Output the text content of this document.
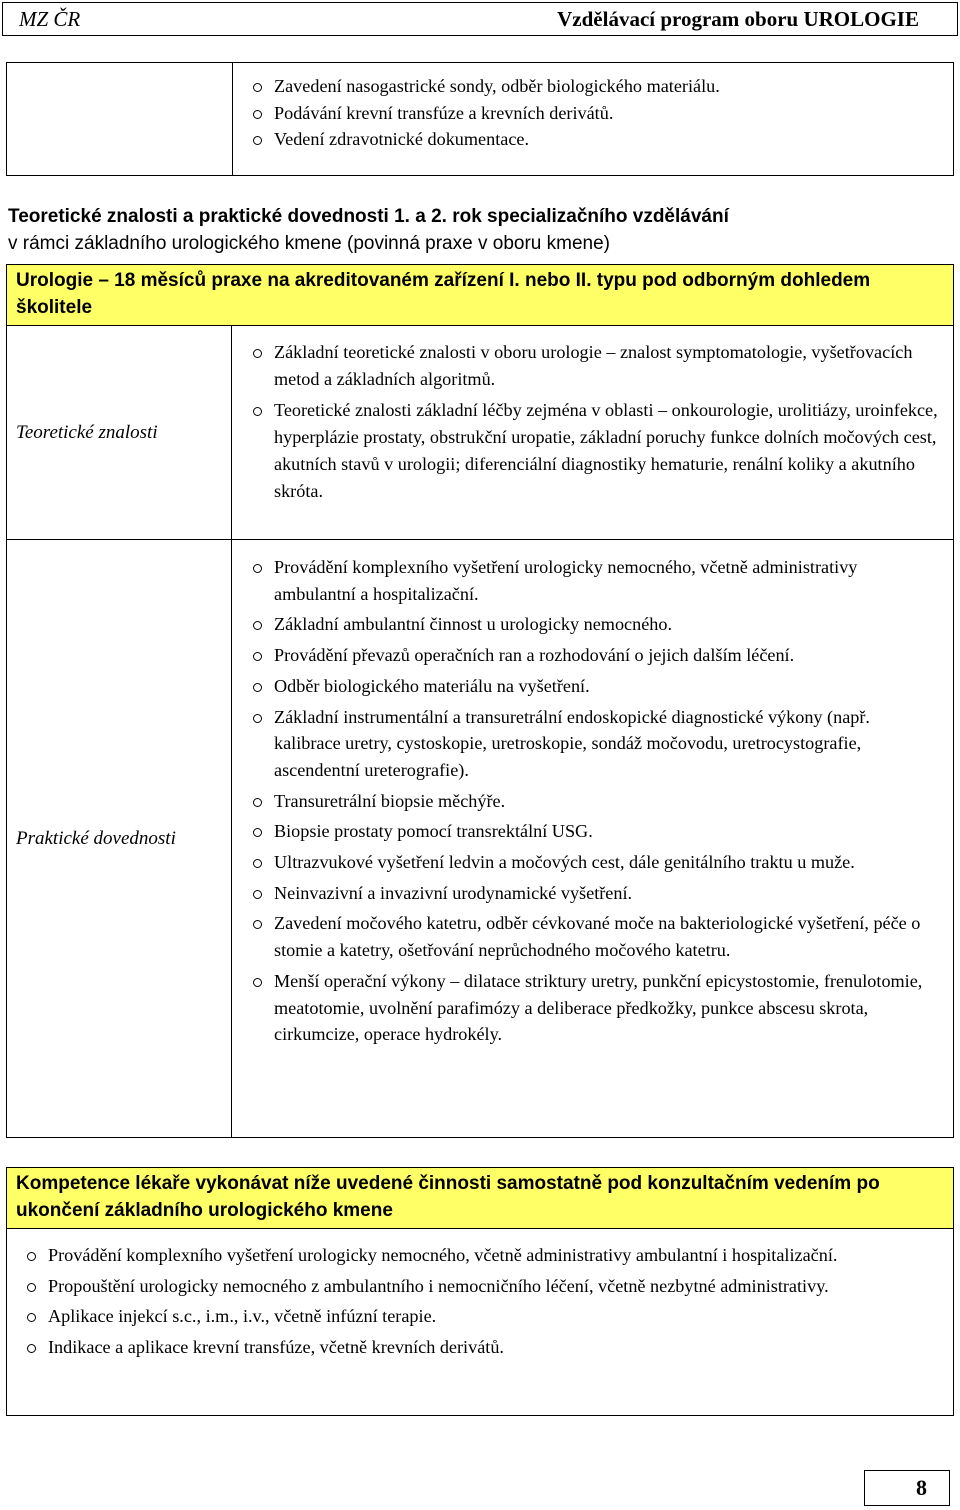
MZ ČR	Vzdělávací program oboru UROLOGIE
Zavedení nasogastrické sondy, odběr biologického materiálu.
Podávání krevní transfúze a krevních derivátů.
Vedení zdravotnické dokumentace.
Teoretické znalosti a praktické dovednosti 1. a 2. rok specializačního vzdělávání
v rámci základního urologického kmene (povinná praxe v oboru kmene)
Urologie – 18 měsíců praxe na akreditovaném zařízení I. nebo II. typu pod odborným dohledem školitele
Teoretické znalosti
Základní teoretické znalosti v oboru urologie – znalost symptomatologie, vyšetřovacích metod a základních algoritmů.
Teoretické znalosti základní léčby zejména v oblasti – onkourologie, urolitiázy, uroinfekce, hyperplázie prostaty, obstrukční uropatie, základní poruchy funkce dolních močových cest, akutních stavů v urologii; diferenciální diagnostiky hematurie, renální koliky a akutního skróta.
Praktické dovednosti
Provádění komplexního vyšetření urologicky nemocného, včetně administrativy ambulantní a hospitalizační.
Základní ambulantní činnost u urologicky nemocného.
Provádění převazů operačních ran a rozhodování o jejich dalším léčení.
Odběr biologického materiálu na vyšetření.
Základní instrumentální a transuretrální endoskopické diagnostické výkony (např. kalibrace uretry, cystoskopie, uretroskopie, sondáž močovodu, uretrocystografie, ascendentní ureterografie).
Transuretrální biopsie měchýře.
Biopsie prostaty pomocí transrektální USG.
Ultrazvukové vyšetření ledvin a močových cest, dále genitálního traktu u muže.
Neinvazivní a invazivní urodynamické vyšetření.
Zavedení močového katetru, odběr cévkované moče na bakteriologické vyšetření, péče o stomie a katetry, ošetřování neprůchodného močového katetru.
Menší operační výkony – dilatace striktury uretry, punkční epicystostomie, frenulotomie, meatotomie, uvolnění parafimózy a deliberace předkožky, punkce abscesu skrota, cirkumcize, operace hydrokély.
Kompetence lékaře vykonávat níže uvedené činnosti samostatně pod konzultačním vedením po ukončení základního urologického kmene
Provádění komplexního vyšetření urologicky nemocného, včetně administrativy ambulantní i hospitalizační.
Propouštění urologicky nemocného z ambulantního i nemocničního léčení, včetně nezbytné administrativy.
Aplikace injekcí s.c., i.m., i.v., včetně infúzní terapie.
Indikace a aplikace krevní transfúze, včetně krevních derivátů.
8
